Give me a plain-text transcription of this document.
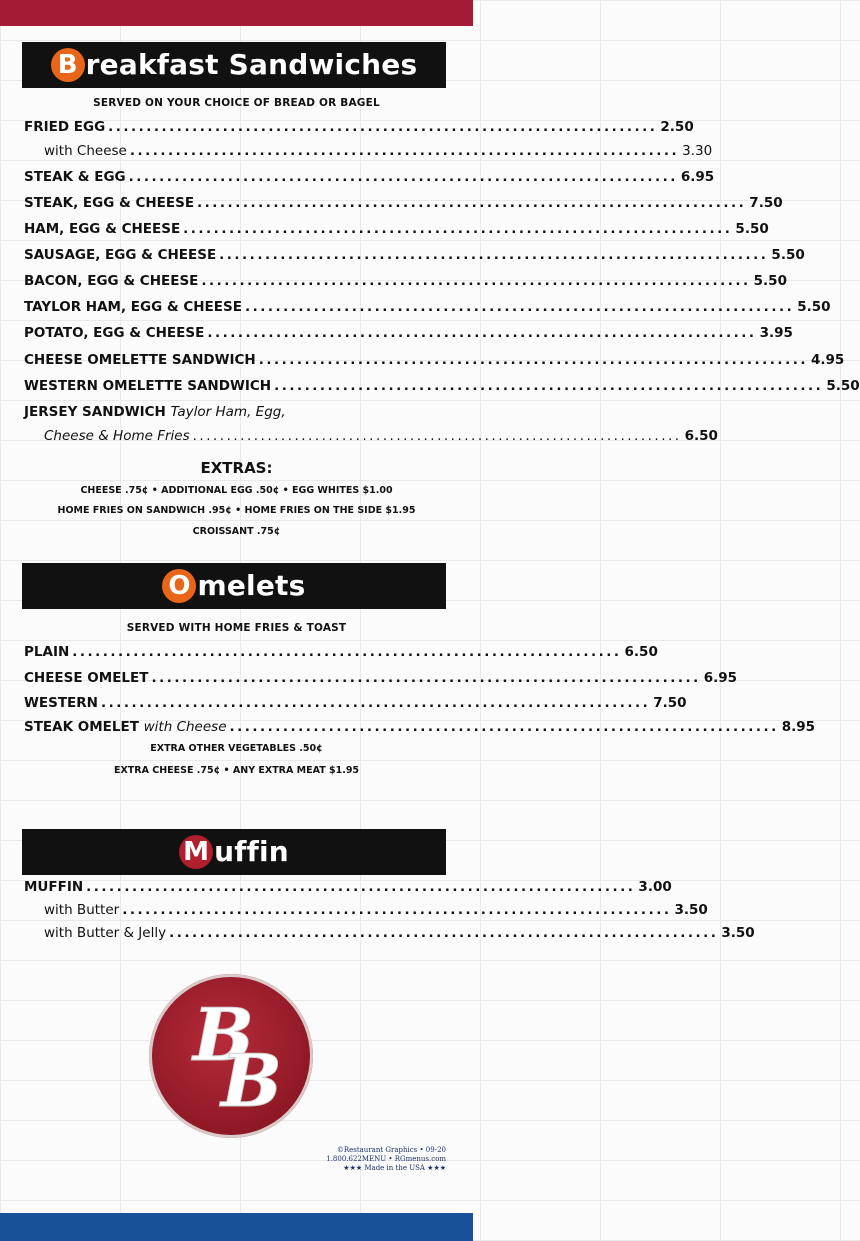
B reakfast Sandwiches
SERVED ON YOUR CHOICE OF BREAD OR BAGEL
FRIED EGG ........................................................................ 2.50
with Cheese ........................................................................ 3.30
STEAK & EGG ........................................................................ 6.95
STEAK, EGG & CHEESE ........................................................................ 7.50
HAM, EGG & CHEESE ........................................................................ 5.50
SAUSAGE, EGG & CHEESE ........................................................................ 5.50
BACON, EGG & CHEESE ........................................................................ 5.50
TAYLOR HAM, EGG & CHEESE ........................................................................ 5.50
POTATO, EGG & CHEESE ........................................................................ 3.95
CHEESE OMELETTE SANDWICH ........................................................................ 4.95
WESTERN OMELETTE SANDWICH ........................................................................ 5.50
JERSEY SANDWICH
Taylor Ham, Egg,
Cheese & Home Fries ........................................................................ 6.50
EXTRAS:
CHEESE .75¢ • ADDITIONAL EGG .50¢ • EGG WHITES $1.00
HOME FRIES ON SANDWICH .95¢ • HOME FRIES ON THE SIDE $1.95
CROISSANT .75¢
O melets
SERVED WITH HOME FRIES & TOAST
PLAIN ........................................................................ 6.50
CHEESE OMELET ........................................................................ 6.95
WESTERN ........................................................................ 7.50
STEAK OMELET
with Cheese ........................................................................ 8.95
EXTRA OTHER VEGETABLES .50¢
EXTRA CHEESE .75¢ • ANY EXTRA MEAT $1.95
M uffin
MUFFIN ........................................................................ 3.00
with Butter ........................................................................ 3.50
with Butter & Jelly ........................................................................ 3.50
B
B
©Restaurant Graphics • 09-20
1.800.622MENU • RGmenus.com
★★★ Made in the USA ★★★
